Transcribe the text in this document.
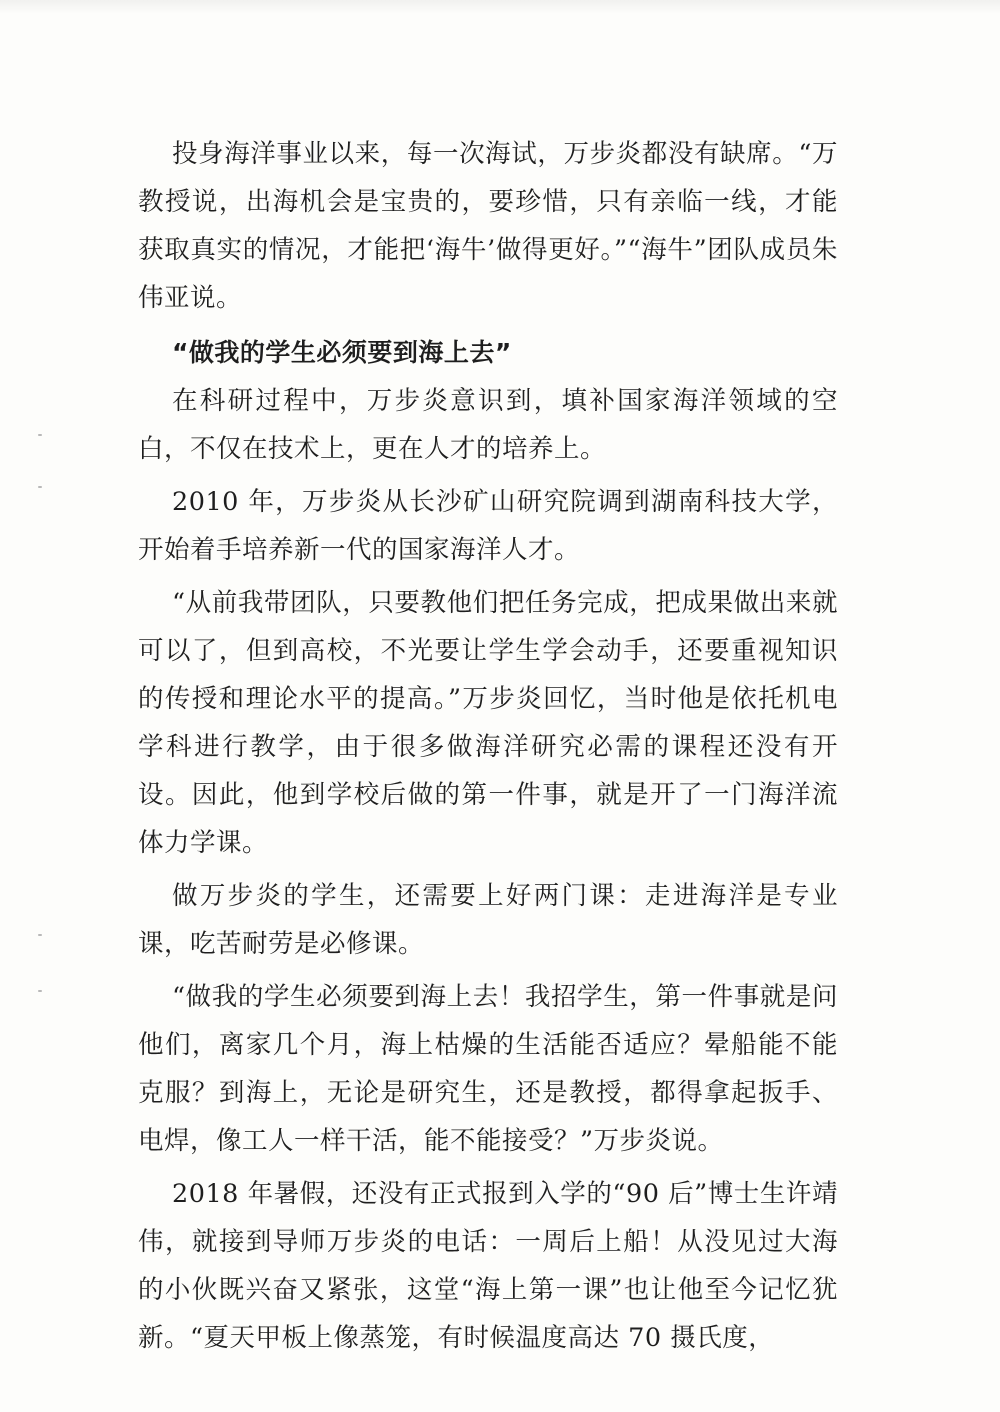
投身海洋事业以来，每一次海试，万步炎都没有缺席。“万教授说，出海机会是宝贵的，要珍惜，只有亲临一线，才能获取真实的情况，才能把‘海牛’做得更好。”“海牛”团队成员朱伟亚说。

“做我的学生必须要到海上去”

在科研过程中，万步炎意识到，填补国家海洋领域的空白，不仅在技术上，更在人才的培养上。

2010 年，万步炎从长沙矿山研究院调到湖南科技大学，开始着手培养新一代的国家海洋人才。

“从前我带团队，只要教他们把任务完成，把成果做出来就可以了，但到高校，不光要让学生学会动手，还要重视知识的传授和理论水平的提高。”万步炎回忆，当时他是依托机电学科进行教学，由于很多做海洋研究必需的课程还没有开设。因此，他到学校后做的第一件事，就是开了一门海洋流体力学课。

做万步炎的学生，还需要上好两门课：走进海洋是专业课，吃苦耐劳是必修课。

“做我的学生必须要到海上去！我招学生，第一件事就是问他们，离家几个月，海上枯燥的生活能否适应？晕船能不能克服？到海上，无论是研究生，还是教授，都得拿起扳手、电焊，像工人一样干活，能不能接受？”万步炎说。

2018 年暑假，还没有正式报到入学的“90 后”博士生许靖伟，就接到导师万步炎的电话：一周后上船！从没见过大海的小伙既兴奋又紧张，这堂“海上第一课”也让他至今记忆犹新。“夏天甲板上像蒸笼，有时候温度高达 70 摄氏度，
